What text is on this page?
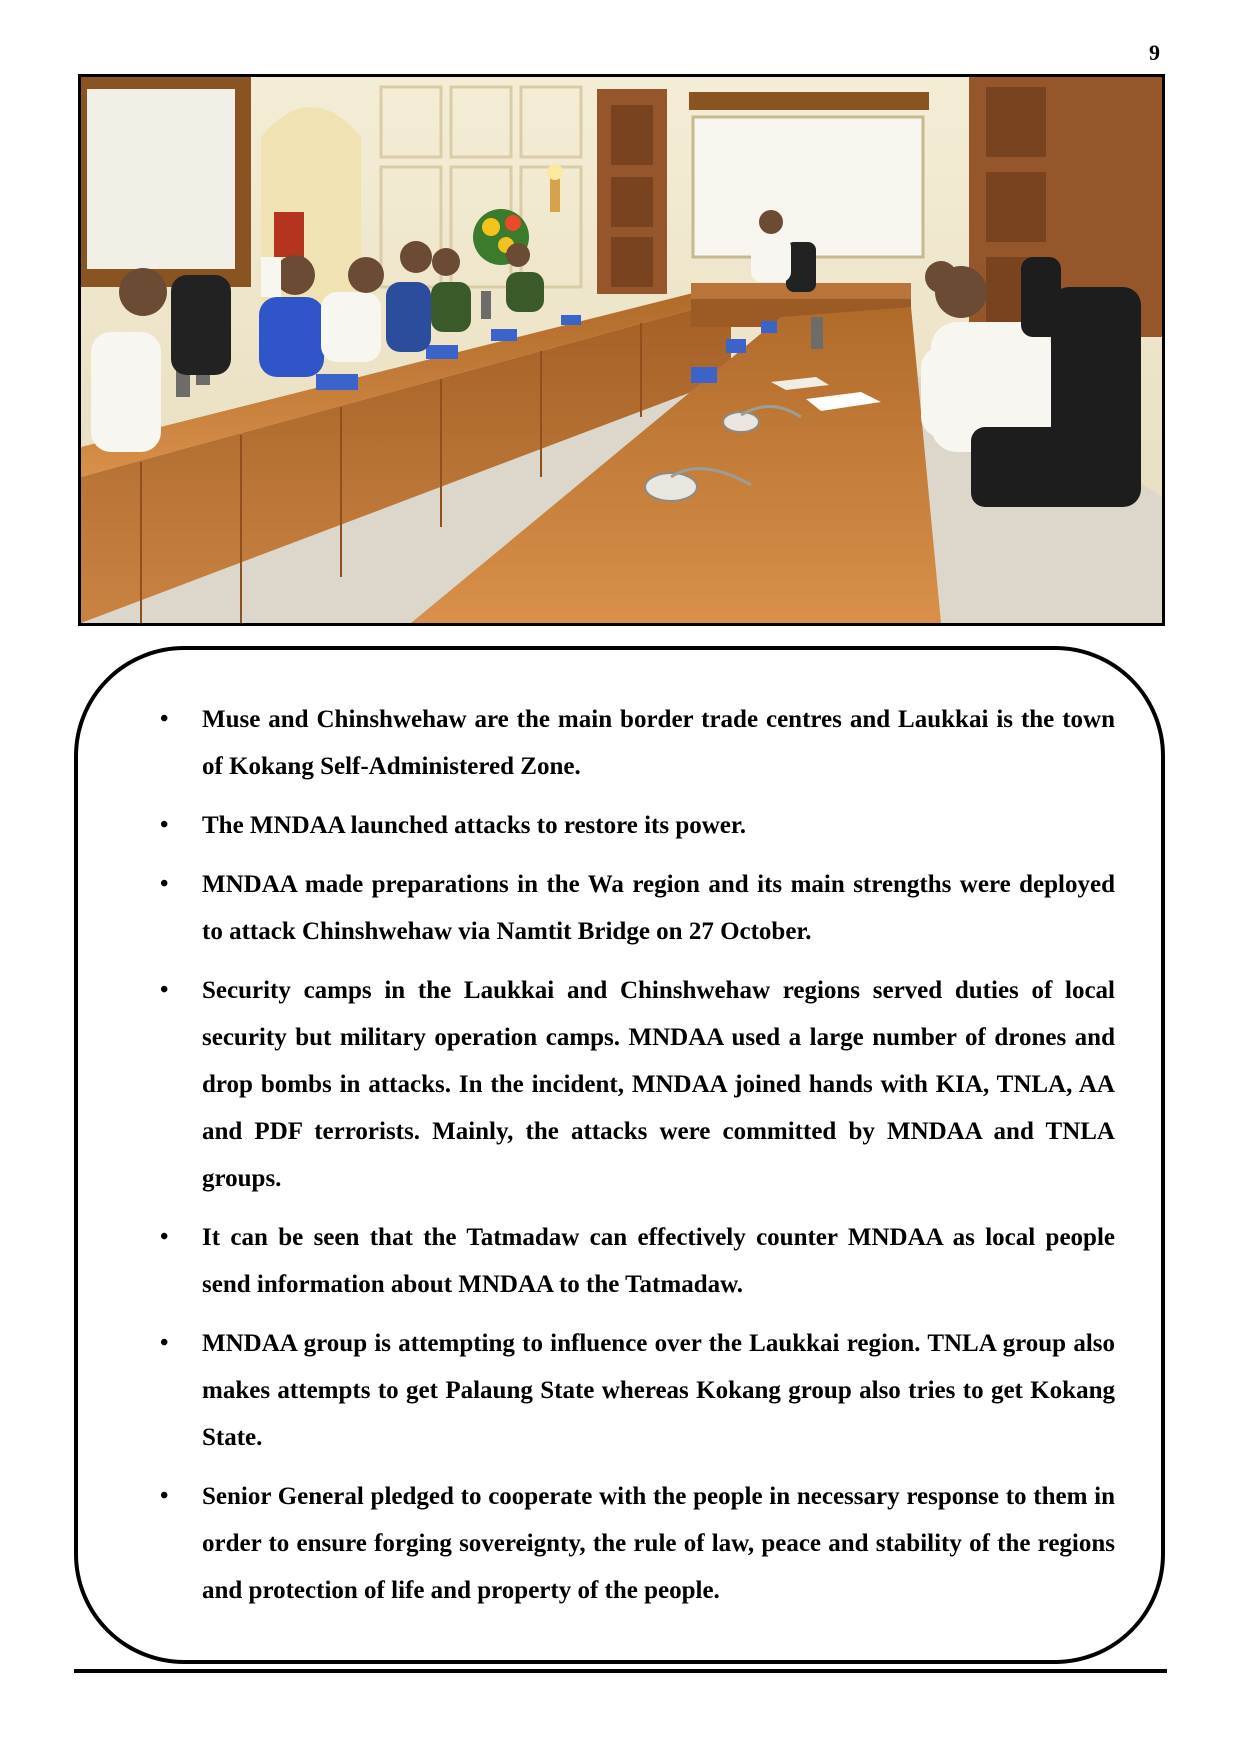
9
•	Muse and Chinshwehaw are the main border trade centres and Laukkai is the town of Kokang Self-Administered Zone.
•	The MNDAA launched attacks to restore its power.
•	MNDAA made preparations in the Wa region and its main strengths were deployed to attack Chinshwehaw via Namtit Bridge on 27 October.
•	Security camps in the Laukkai and Chinshwehaw regions served duties of local security but military operation camps. MNDAA used a large number of drones and drop bombs in attacks. In the incident, MNDAA joined hands with KIA, TNLA, AA and PDF terrorists. Mainly, the attacks were committed by MNDAA and TNLA groups.
•	It can be seen that the Tatmadaw can effectively counter MNDAA as local people send information about MNDAA to the Tatmadaw.
•	MNDAA group is attempting to influence over the Laukkai region. TNLA group also makes attempts to get Palaung State whereas Kokang group also tries to get Kokang State.
•	Senior General pledged to cooperate with the people in necessary response to them in order to ensure forging sovereignty, the rule of law, peace and stability of the regions and protection of life and property of the people.
